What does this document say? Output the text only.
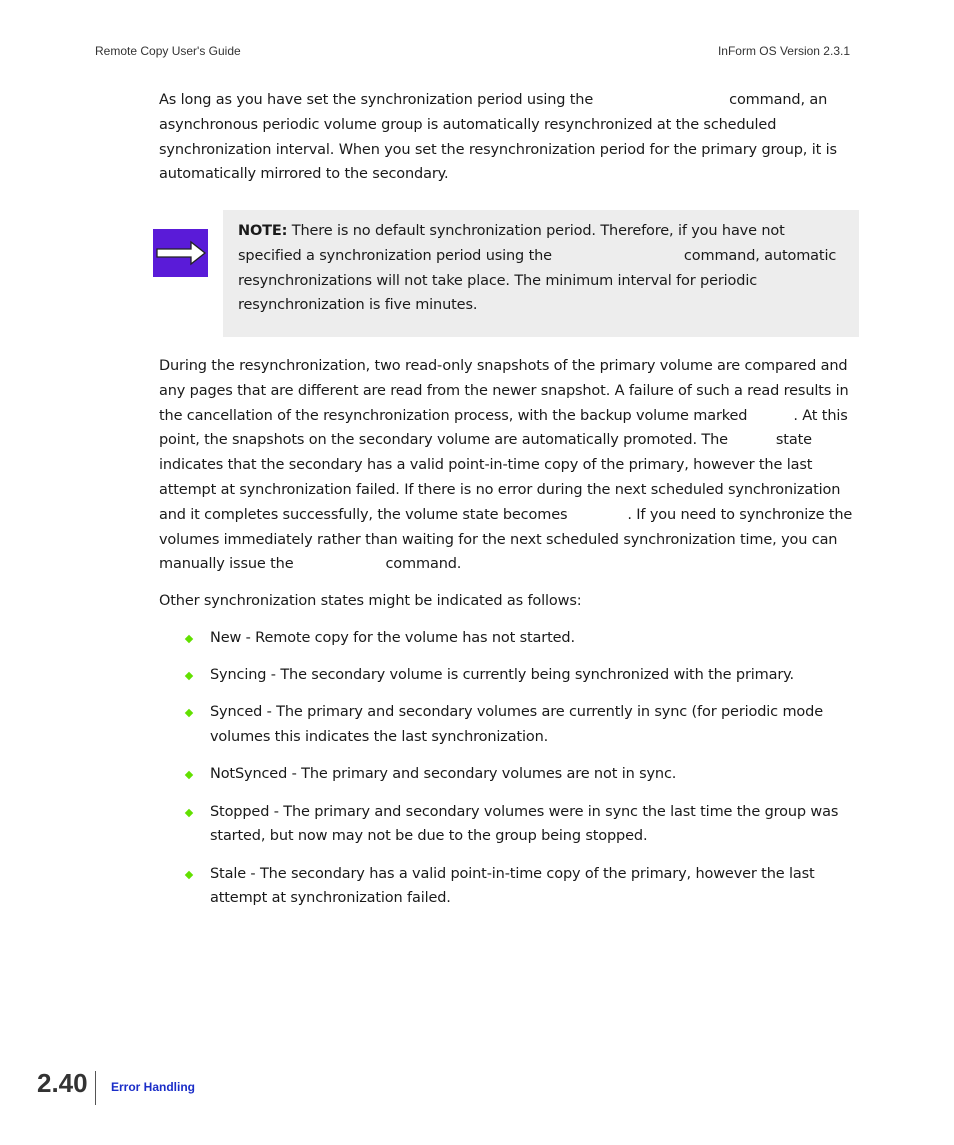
Remote Copy User's Guide	InForm OS Version 2.3.1

As long as you have set the synchronization period using the	command, an asynchronous periodic volume group is automatically resynchronized at the scheduled synchronization interval. When you set the resynchronization period for the primary group, it is automatically mirrored to the secondary.

NOTE: There is no default synchronization period. Therefore, if you have not specified a synchronization period using the	command, automatic resynchronizations will not take place. The minimum interval for periodic resynchronization is five minutes.

During the resynchronization, two read-only snapshots of the primary volume are compared and any pages that are different are read from the newer snapshot. A failure of such a read results in the cancellation of the resynchronization process, with the backup volume marked	. At this point, the snapshots on the secondary volume are automatically promoted. The	state indicates that the secondary has a valid point-in-time copy of the primary, however the last attempt at synchronization failed. If there is no error during the next scheduled synchronization and it completes successfully, the volume state becomes	. If you need to synchronize the volumes immediately rather than waiting for the next scheduled synchronization time, you can manually issue the	command.

Other synchronization states might be indicated as follows:

New - Remote copy for the volume has not started.
Syncing - The secondary volume is currently being synchronized with the primary.
Synced - The primary and secondary volumes are currently in sync (for periodic mode volumes this indicates the last synchronization.
NotSynced - The primary and secondary volumes are not in sync.
Stopped - The primary and secondary volumes were in sync the last time the group was started, but now may not be due to the group being stopped.
Stale - The secondary has a valid point-in-time copy of the primary, however the last attempt at synchronization failed.
2.40 Error Handling
